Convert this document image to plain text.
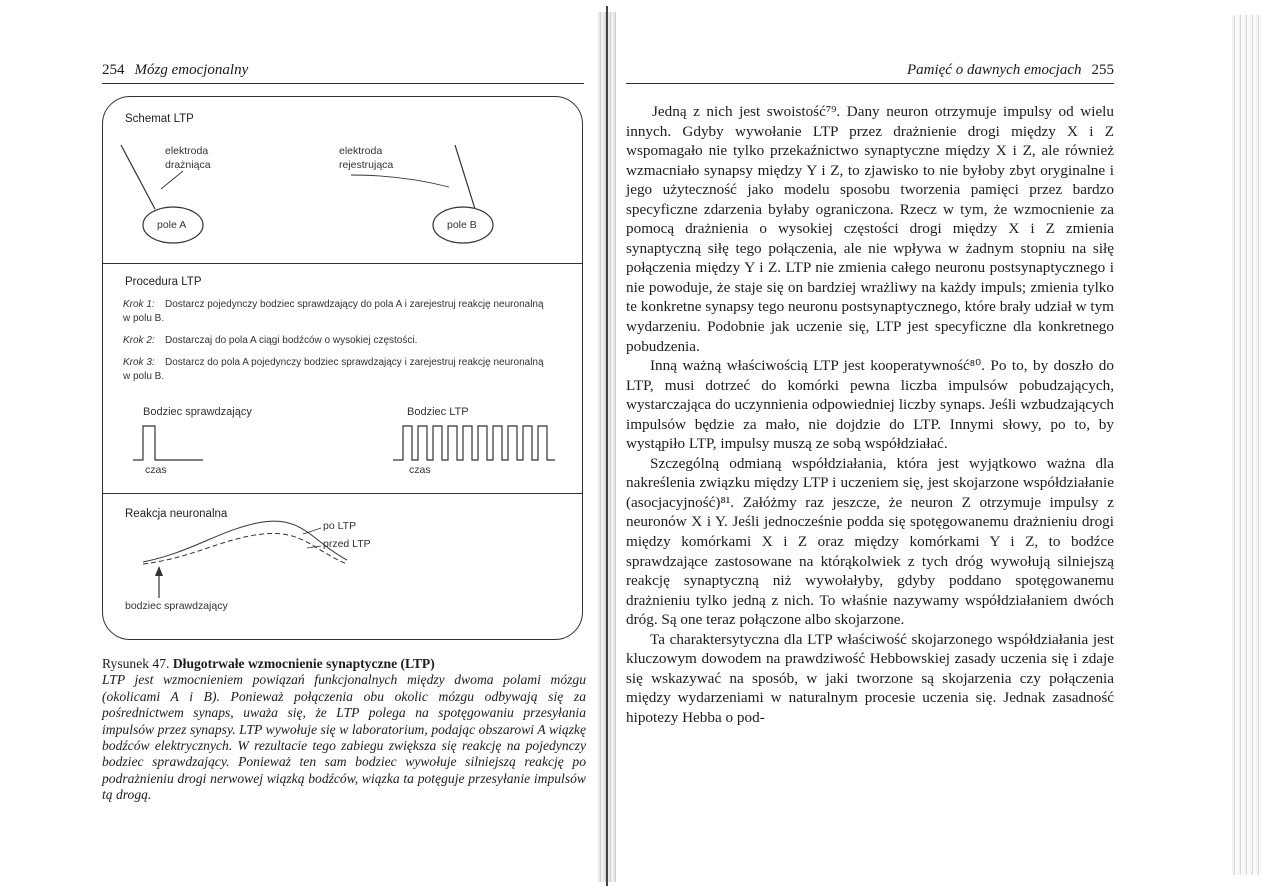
254 Mózg emocjonalny	Pamięć o dawnych emocjach 255
Schemat LTP
elektroda
drażniąca
elektroda
rejestrująca
pole A	pole B
Procedura LTP
Krok 1: Dostarcz pojedynczy bodziec sprawdzający do pola A i zarejestruj reakcję neuronalną w polu B.
Krok 2: Dostarczaj do pola A ciągi bodźców o wysokiej częstości.
Krok 3: Dostarcz do pola A pojedynczy bodziec sprawdzający i zarejestruj reakcję neuronalną w polu B.
Bodziec sprawdzający	Bodziec LTP
czas	czas
Reakcja neuronalna
po LTP
przed LTP
bodziec sprawdzający
Rysunek 47. Długotrwałe wzmocnienie synaptyczne (LTP)
LTP jest wzmocnieniem powiązań funkcjonalnych między dwoma polami mózgu (okolicami A i B). Ponieważ połączenia obu okolic mózgu odbywają się za pośrednictwem synaps, uważa się, że LTP polega na spotęgowaniu przesyłania impulsów przez synapsy. LTP wywołuje się w laboratorium, podając obszarowi A wiązkę bodźców elektrycznych. W rezultacie tego zabiegu zwiększa się reakcję na pojedynczy bodziec sprawdzający. Ponieważ ten sam bodziec wywołuje silniejszą reakcję po podrażnieniu drogi nerwowej wiązką bodźców, wiązka ta potęguje przesyłanie impulsów tą drogą.

Jedną z nich jest swoistość⁷⁹. Dany neuron otrzymuje impulsy od wielu innych. Gdyby wywołanie LTP przez drażnienie drogi między X i Z wspomagało nie tylko przekaźnictwo synaptyczne między X i Z, ale również wzmacniało synapsy między Y i Z, to zjawisko to nie byłoby zbyt oryginalne i jego użyteczność jako modelu sposobu tworzenia pamięci przez bardzo specyficzne zdarzenia byłaby ograniczona. Rzecz w tym, że wzmocnienie za pomocą drażnienia o wysokiej częstości drogi między X i Z zmienia synaptyczną siłę tego połączenia, ale nie wpływa w żadnym stopniu na siłę połączenia między Y i Z. LTP nie zmienia całego neuronu postsynaptycznego i nie powoduje, że staje się on bardziej wrażliwy na każdy impuls; zmienia tylko te konkretne synapsy tego neuronu postsynaptycznego, które brały udział w tym wydarzeniu. Podobnie jak uczenie się, LTP jest specyficzne dla konkretnego pobudzenia.

Inną ważną właściwością LTP jest kooperatywność⁸⁰. Po to, by doszło do LTP, musi dotrzeć do komórki pewna liczba impulsów pobudzających, wystarczająca do uczynnienia odpowiedniej liczby synaps. Jeśli wzbudzających impulsów będzie za mało, nie dojdzie do LTP. Innymi słowy, po to, by wystąpiło LTP, impulsy muszą ze sobą współdziałać.

Szczególną odmianą współdziałania, która jest wyjątkowo ważna dla nakreślenia związku między LTP i uczeniem się, jest skojarzone współdziałanie (asocjacyjność)⁸¹. Załóżmy raz jeszcze, że neuron Z otrzymuje impulsy z neuronów X i Y. Jeśli jednocześnie podda się spotęgowanemu drażnieniu drogi między komórkami X i Z oraz między komórkami Y i Z, to bodźce sprawdzające zastosowane na którąkolwiek z tych dróg wywołują silniejszą reakcję synaptyczną niż wywołałyby, gdyby poddano spotęgowanemu drażnieniu tylko jedną z nich. To właśnie nazywamy współdziałaniem dwóch dróg. Są one teraz połączone albo skojarzone.

Ta charaktersytyczna dla LTP właściwość skojarzonego współdziałania jest kluczowym dowodem na prawdziwość Hebbowskiej zasady uczenia się i zdaje się wskazywać na sposób, w jaki tworzone są skojarzenia czy połączenia między wydarzeniami w naturalnym procesie uczenia się. Jednak zasadność hipotezy Hebba o pod-
